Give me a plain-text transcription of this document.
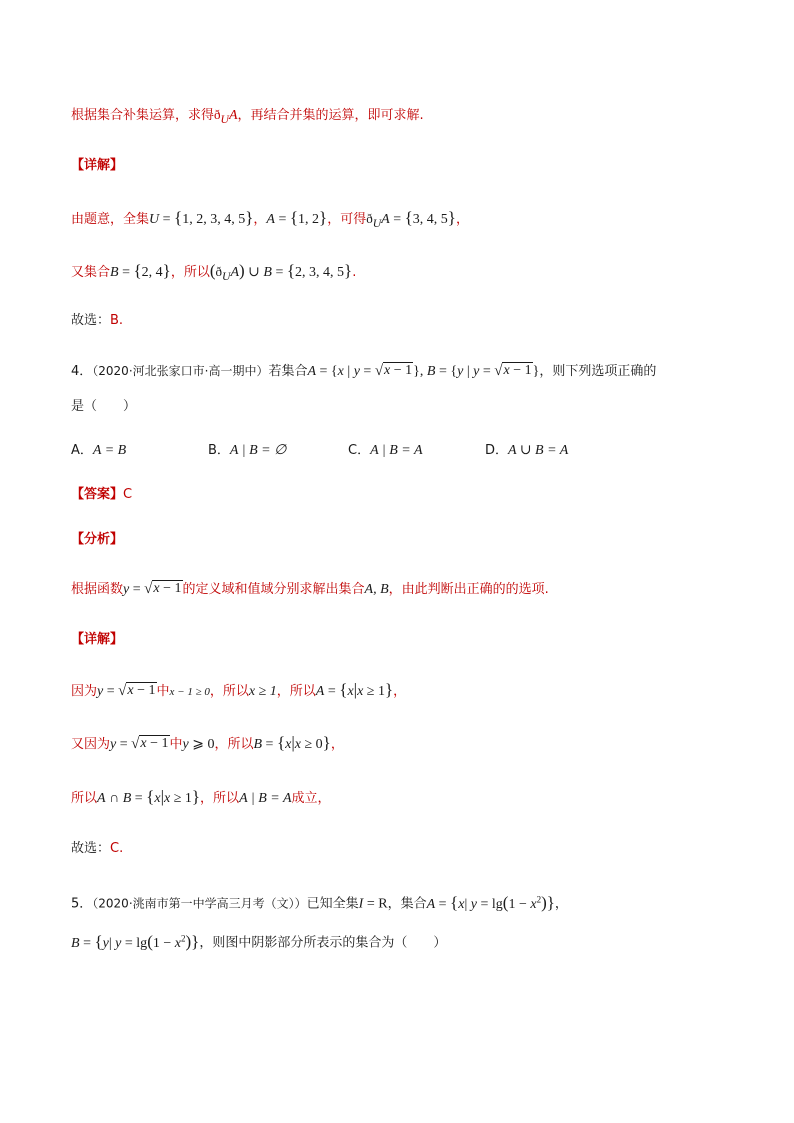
根据集合补集运算，求得$ð_UA$，再结合并集的运算，即可求解.
【详解】
由题意，全集U = {1, 2, 3, 4, 5}，A = {1, 2}，可得$ð_UA = \{3$, 4, 5}，
又集合B = {2, 4}，所以$(ð_UA)$ ∪ B = {2, 3, 4, 5}.
故选：B.
4．（2020·河北张家口市·高一期中）若集合A = {x | y = √ x − 1 }, B = {y | y = √ x − 1 }，则下列选项正确的
是（　　）
A．A = B	B．A | B = ∅	C．A | B = A	D．A ∪ B = A
【答案】C
【分析】
根据函数y = √ x − 1 的定义域和值域分别求解出集合A, B，由此判断出正确的的选项.
【详解】
因为y = √ x − 1 中x − 1 ≥ 0，所以x ≥ 1，所以A = {x|x ≥ 1}，
又因为y = √ x − 1 中y ⩾ 0，所以B = {x|x ≥ 0}，
所以A ∩ B = {x|x ≥ 1}，所以A | B = A成立，
故选：C.
5．（2020·洮南市第一中学高三月考（文））已知全集I = R，集合A = {x| $y = \lg(1 - x^2)$}，
B = {y| $y = \lg(1 - x^2)$}，则图中阴影部分所表示的集合为（　　）
